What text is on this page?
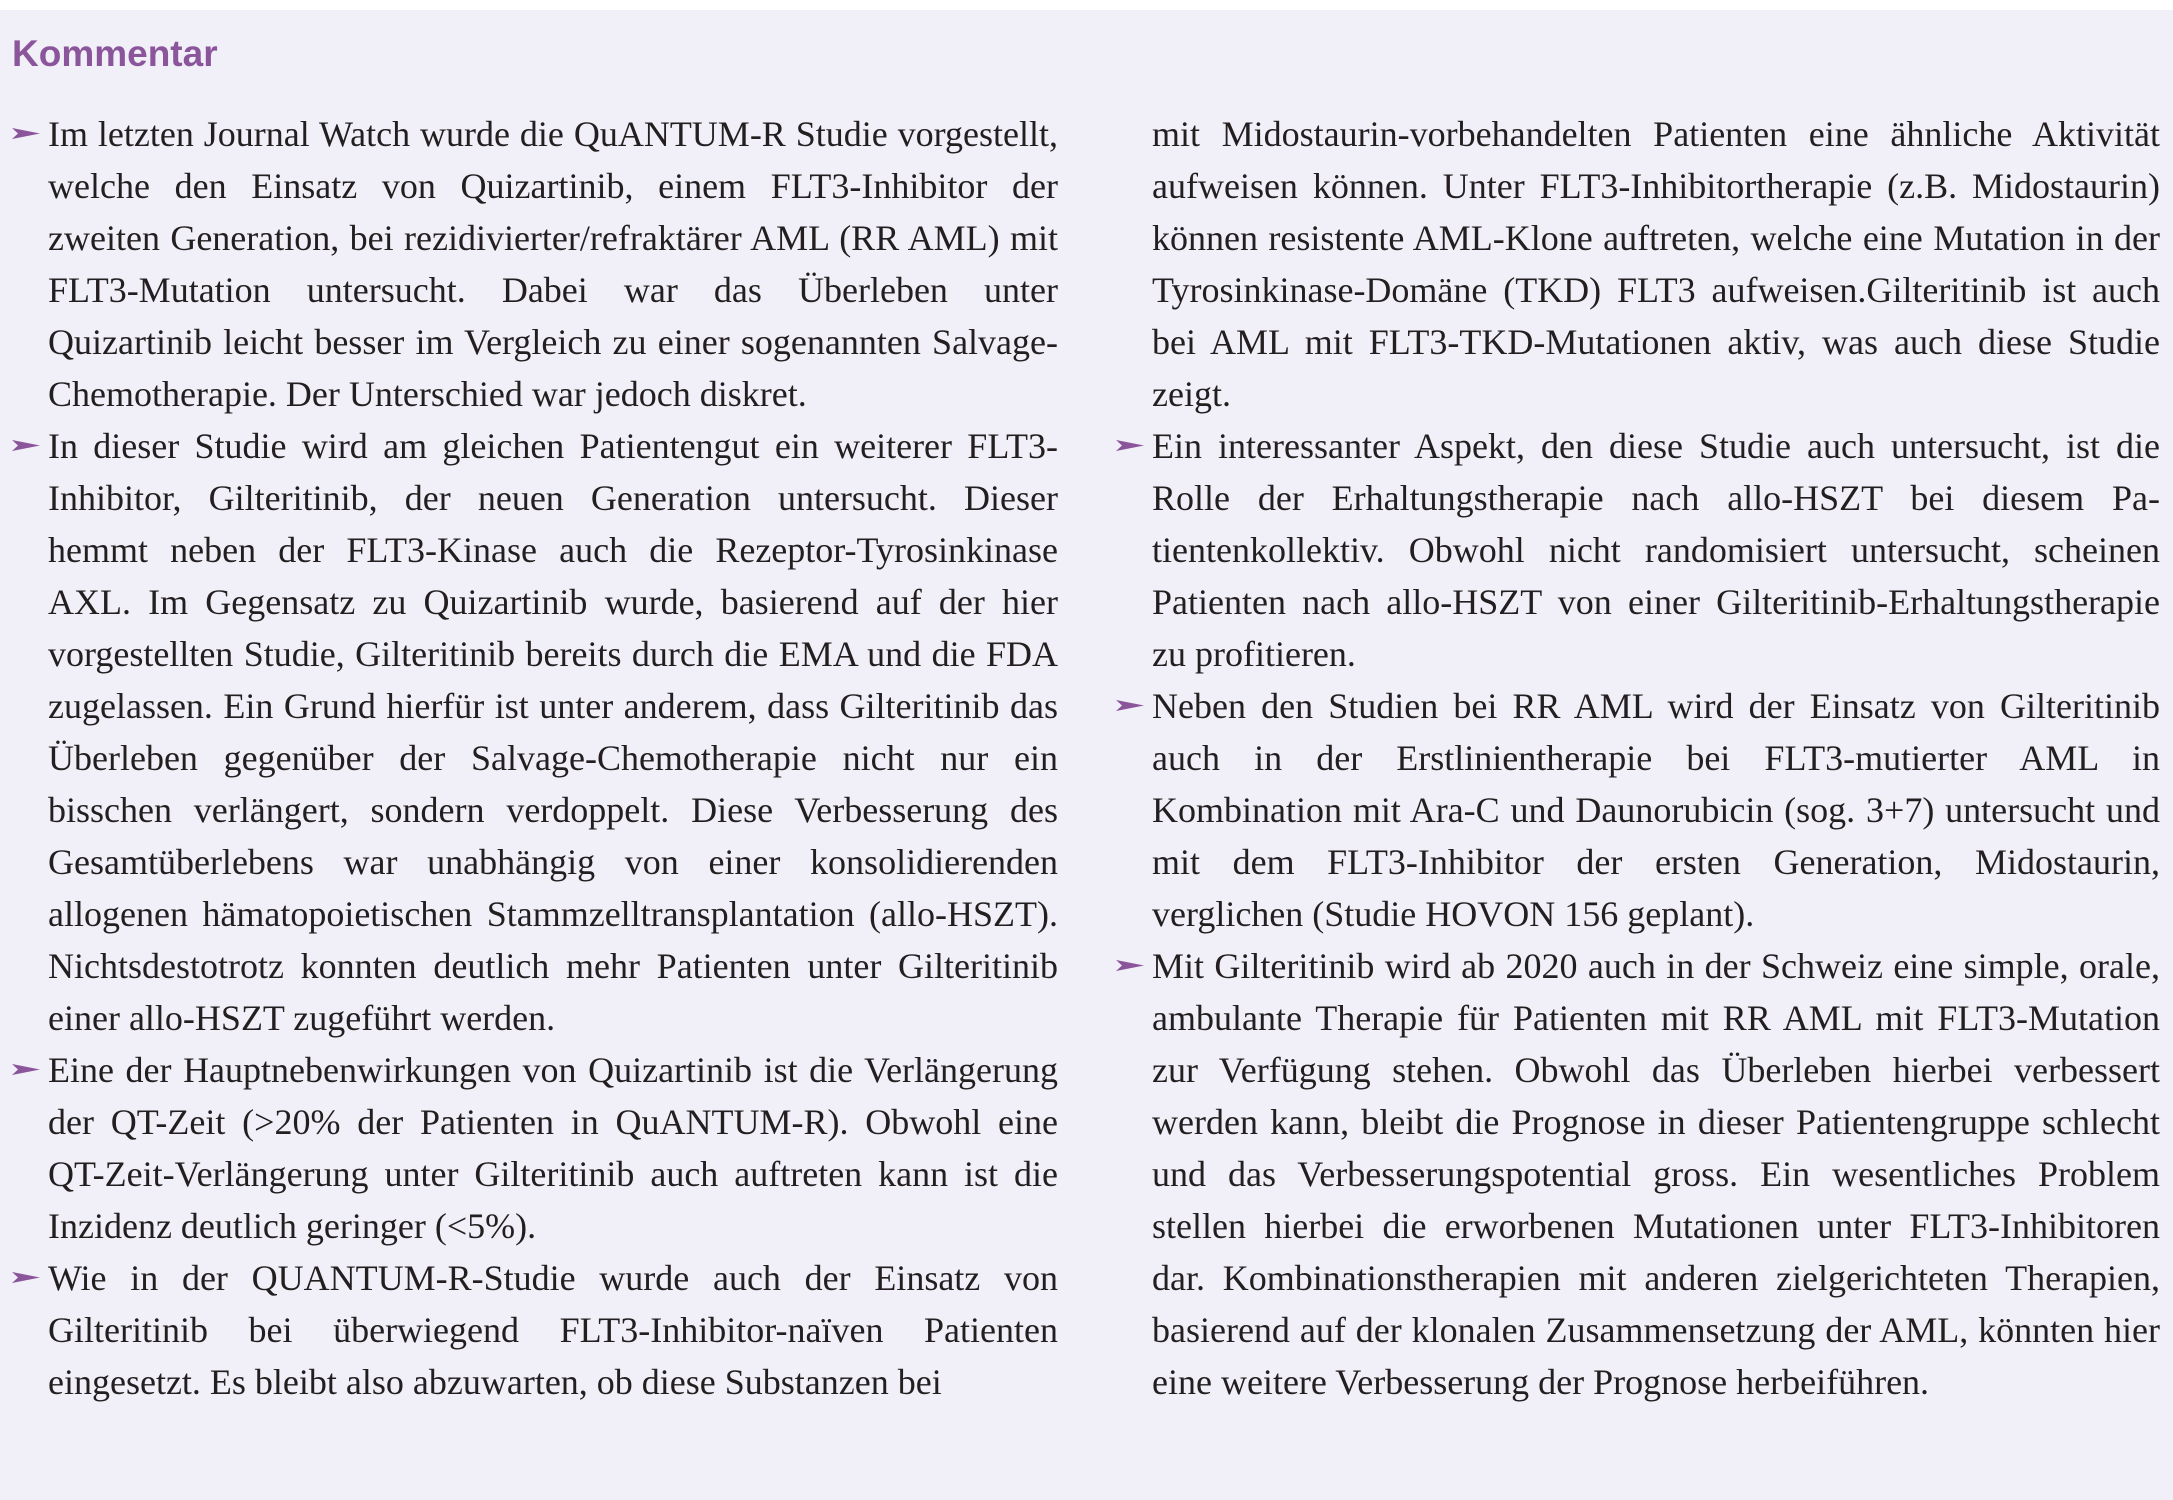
Kommentar

Im letzten Journal Watch wurde die QuANTUM-R Studie vorgestellt, welche den Einsatz von Quizartinib, einem FLT3-Inhibitor der zweiten Generation, bei rezidivierter/refraktärer AML (RR AML) mit FLT3-Mutation untersucht. Dabei war das Überleben unter Quizartinib leicht besser im Vergleich zu einer sogenannten Salvage-Chemotherapie. Der Unterschied war jedoch diskret.

In dieser Studie wird am gleichen Patientengut ein weiterer FLT3-Inhibitor, Gilteritinib, der neuen Generation untersucht. Dieser hemmt neben der FLT3-Kinase auch die Rezeptor-Tyrosinkinase AXL. Im Gegensatz zu Quizartinib wurde, basierend auf der hier vorgestellten Studie, Gilteritinib bereits durch die EMA und die FDA zugelassen. Ein Grund hierfür ist unter anderem, dass Gilteritinib das Überleben gegenüber der Salvage-Chemotherapie nicht nur ein bisschen verlängert, sondern verdoppelt. Diese Verbesserung des Gesamtüberlebens war unabhängig von einer konsolidierenden allogenen hämatopoietischen Stammzelltransplantation (allo-HSZT). Nichtsdestotrotz konnten deutlich mehr Patienten unter Gilteritinib einer allo-HSZT zugeführt werden.

Eine der Hauptnebenwirkungen von Quizartinib ist die Verlängerung der QT-Zeit (>20% der Patienten in QuANTUM-R). Obwohl eine QT-Zeit-Verlängerung unter Gilteritinib auch auftreten kann ist die Inzidenz deutlich geringer (<5%).

Wie in der QUANTUM-R-Studie wurde auch der Einsatz von Gilteritinib bei überwiegend FLT3-Inhibitor-naïven Patienten eingesetzt. Es bleibt also abzuwarten, ob diese Substanzen bei

mit Midostaurin-vorbehandelten Patienten eine ähnliche Aktivität aufweisen können. Unter FLT3-Inhibitortherapie (z.B. Midostaurin) können resistente AML-Klone auftreten, welche eine Mutation in der Tyrosinkinase-Domäne (TKD) FLT3 aufweisen.Gilteritinib ist auch bei AML mit FLT3-TKD-Mutationen aktiv, was auch diese Studie zeigt.

Ein interessanter Aspekt, den diese Studie auch untersucht, ist die Rolle der Erhaltungstherapie nach allo-HSZT bei diesem Patientenkollektiv. Obwohl nicht randomisiert untersucht, scheinen Patienten nach allo-HSZT von einer Gilteritinib-Erhaltungstherapie zu profitieren.

Neben den Studien bei RR AML wird der Einsatz von Gilteritinib auch in der Erstlinientherapie bei FLT3-mutierter AML in Kombination mit Ara-C und Daunorubicin (sog. 3+7) untersucht und mit dem FLT3-Inhibitor der ersten Generation, Midostaurin, verglichen (Studie HOVON 156 geplant).

Mit Gilteritinib wird ab 2020 auch in der Schweiz eine simple, orale, ambulante Therapie für Patienten mit RR AML mit FLT3-Mutation zur Verfügung stehen. Obwohl das Überleben hierbei verbessert werden kann, bleibt die Prognose in dieser Patientengruppe schlecht und das Verbesserungspotential gross. Ein wesentliches Problem stellen hierbei die erworbenen Mutationen unter FLT3-Inhibitoren dar. Kombinationstherapien mit anderen zielgerichteten Therapien, basierend auf der klonalen Zusammensetzung der AML, könnten hier eine weitere Verbesserung der Prognose herbeiführen.
